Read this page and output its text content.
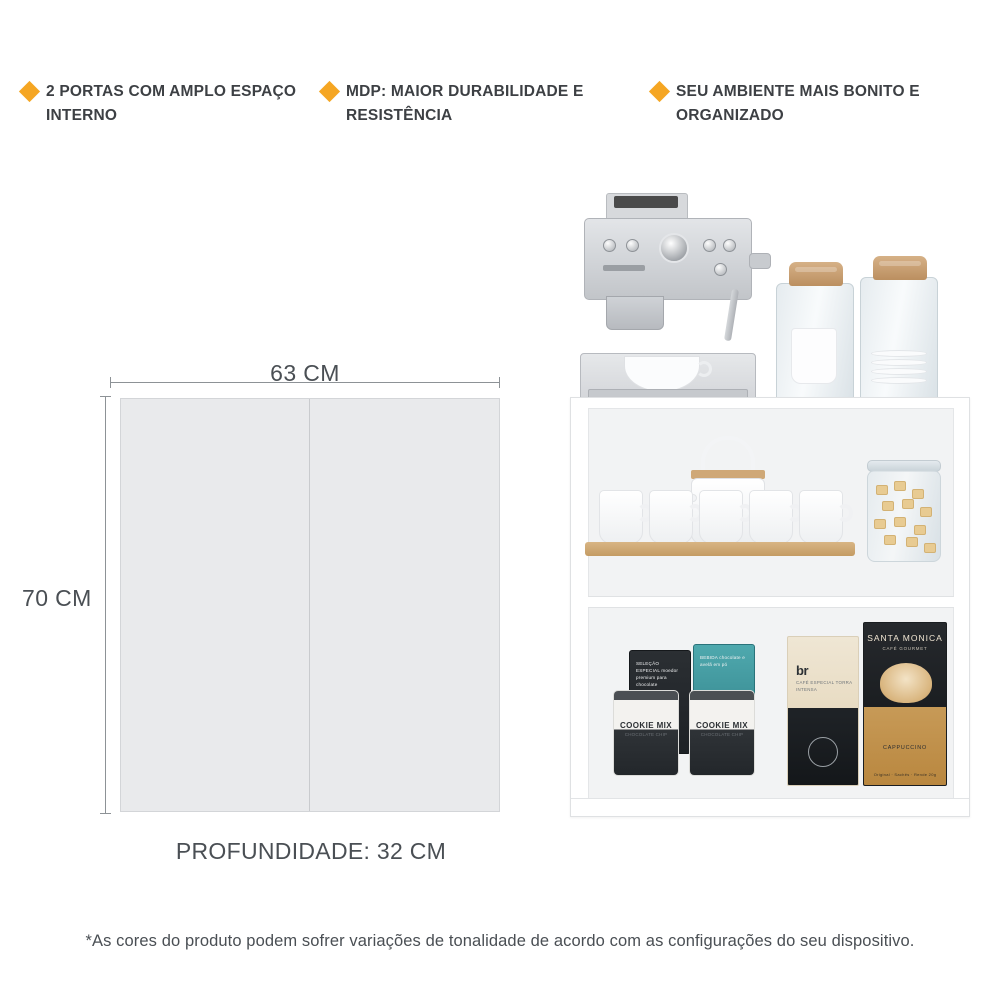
2 PORTAS COM AMPLO ESPAÇO INTERNO
MDP: MAIOR DURABILIDADE E RESISTÊNCIA
SEU AMBIENTE MAIS BONITO E ORGANIZADO
63 CM
70 CM
PROFUNDIDADE: 32 CM
SELEÇÃO ESPECIAL moedor premium para chocolate
BEBIDA chocolate e avelã em pó
COOKIE MIX
CHOCOLATE CHIP
COOKIE MIX
CHOCOLATE CHIP
br
CAFÉ ESPECIAL TORRA INTENSA
SANTA MONICA
CAFÉ GOURMET
CAPPUCCINO
Original · Sachês · Rende 20g
*As cores do produto podem sofrer variações de tonalidade de acordo com as configurações do seu dispositivo.
